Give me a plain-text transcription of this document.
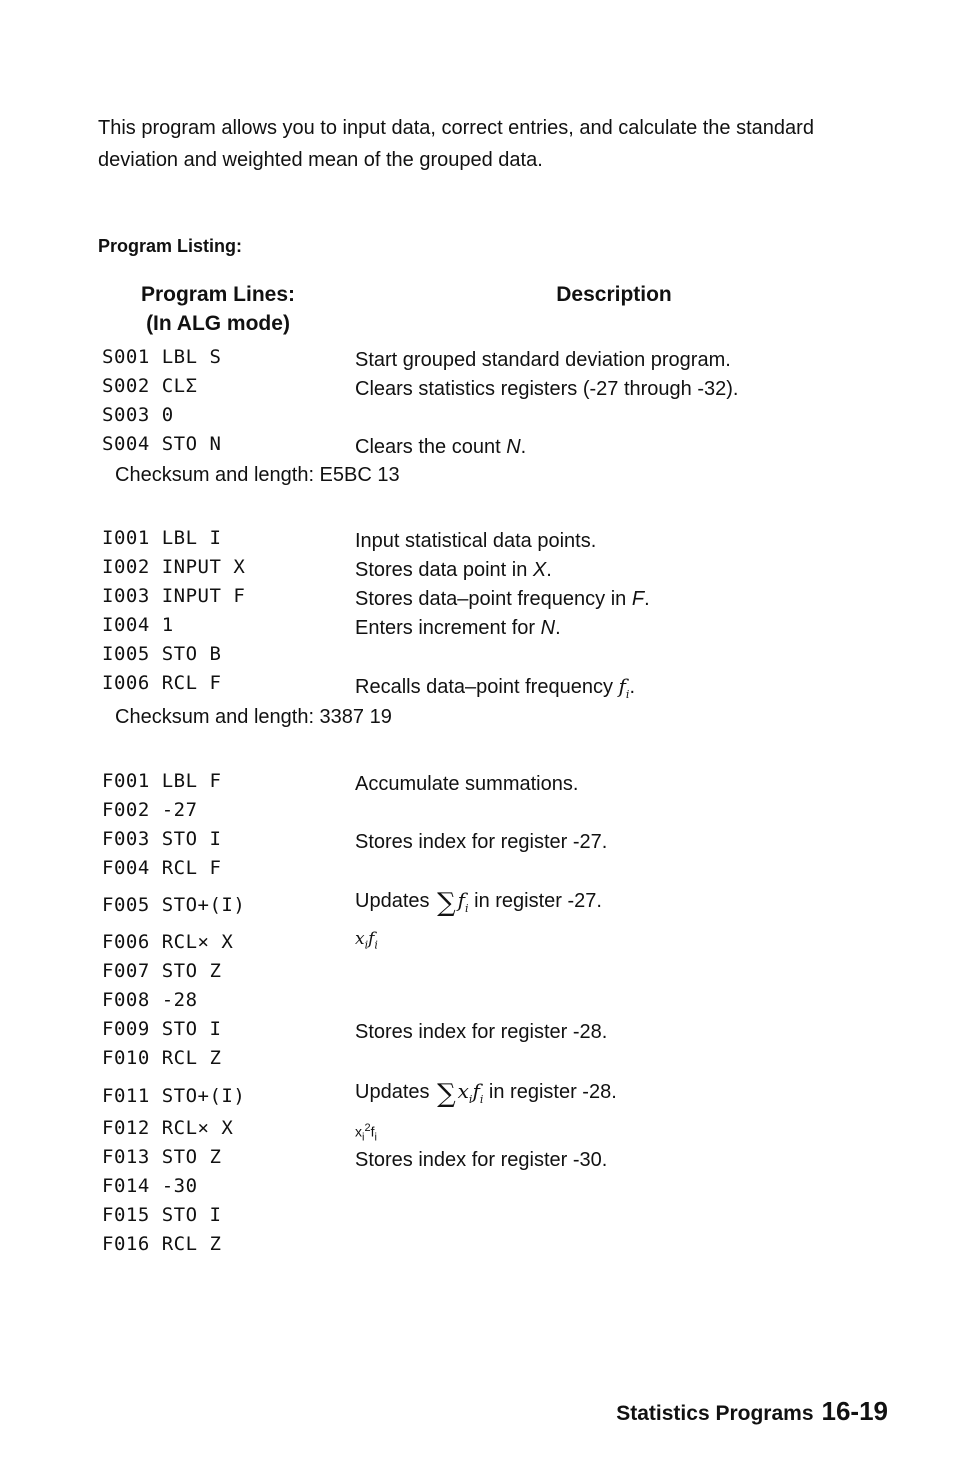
This program allows you to input data, correct entries, and calculate the standard deviation and weighted mean of the grouped data.

Program Listing:
Program Lines:
(In ALG mode)
Description
S001 LBL S	Start grouped standard deviation program.
S002 CLΣ	Clears statistics registers (-27 through -32).
S003 0
S004 STO N	Clears the count N.
Checksum and length: E5BC 13
I001 LBL I	Input statistical data points.
I002 INPUT X	Stores data point in X.
I003 INPUT F	Stores data–point frequency in F.
I004 1	Enters increment for N.
I005 STO B
I006 RCL F	Recalls data–point frequency $f_i$.
Checksum and length: 3387 19
F001 LBL F	Accumulate summations.
F002 -27
F003 STO I	Stores index for register -27.
F004 RCL F
F005 STO+(I)	Updates ∑ $f_i$ in register -27.
F006 RCL× X	$x_if_i$
F007 STO Z
F008 -28
F009 STO I	Stores index for register -28.
F010 RCL Z
F011 STO+(I)	Updates ∑ $x_if_i$ in register -28.
F012 RCL× X	$x_i^2f_i$
F013 STO Z	Stores index for register -30.
F014 -30
F015 STO I
F016 RCL Z
Statistics Programs 16-19
